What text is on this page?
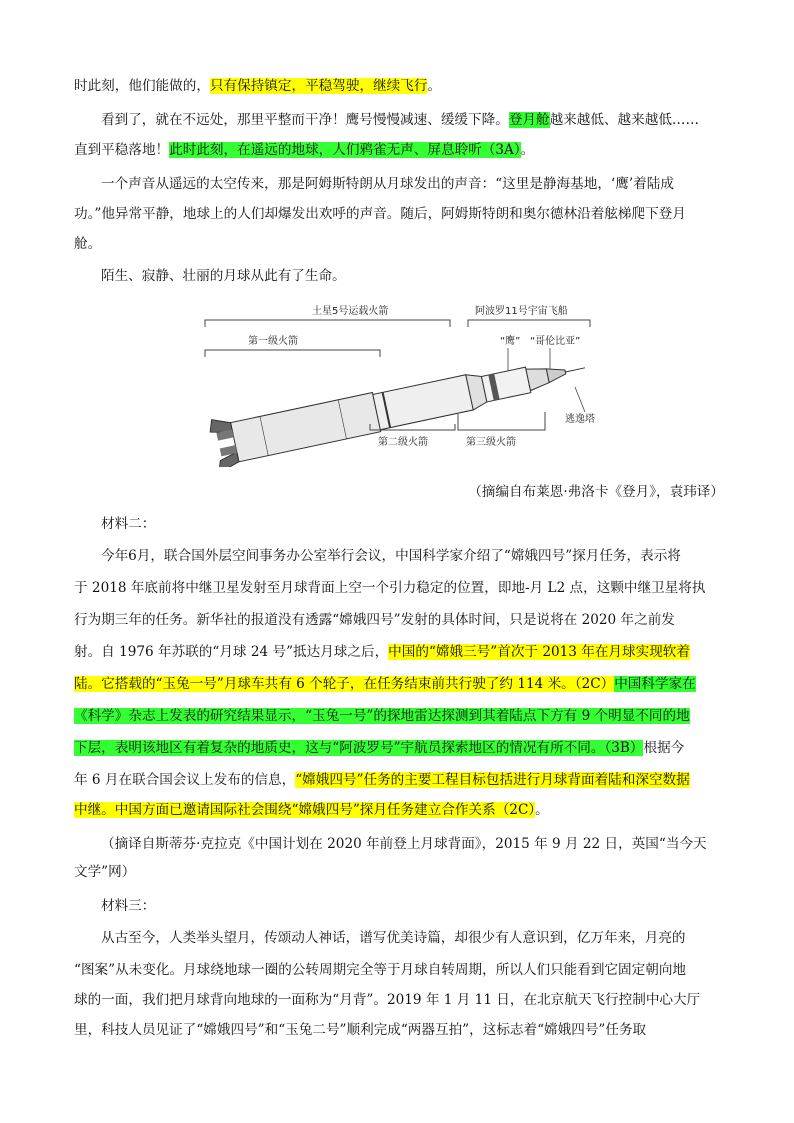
时此刻，他们能做的，只有保持镇定，平稳驾驶，继续飞行。
看到了，就在不远处，那里平整而干净！鹰号慢慢减速、缓缓下降。登月舱越来越低、越来越低……
直到平稳落地！此时此刻，在遥远的地球，人们鸦雀无声、屏息聆听（3A）。
一个声音从遥远的太空传来，那是阿姆斯特朗从月球发出的声音：“这里是静海基地，‘鹰’着陆成
功。”他异常平静，地球上的人们却爆发出欢呼的声音。随后，阿姆斯特朗和奥尔德林沿着舷梯爬下登月
舱。
陌生、寂静、壮丽的月球从此有了生命。
（摘编自布莱恩·弗洛卡《登月》，袁玮译）
材料二：
今年6月，联合国外层空间事务办公室举行会议，中国科学家介绍了“嫦娥四号”探月任务，表示将
于 2018 年底前将中继卫星发射至月球背面上空一个引力稳定的位置，即地-月 L2 点，这颗中继卫星将执
行为期三年的任务。新华社的报道没有透露“嫦娥四号”发射的具体时间，只是说将在 2020 年之前发
射。自 1976 年苏联的“月球 24 号”抵达月球之后，中国的“嫦娥三号”首次于 2013 年在月球实现软着
陆。它搭载的“玉兔一号”月球车共有 6 个轮子，在任务结束前共行驶了约 114 米。（2C）中国科学家在
《科学》杂志上发表的研究结果显示，“玉兔一号”的探地雷达探测到其着陆点下方有 9 个明显不同的地
下层，表明该地区有着复杂的地质史，这与“阿波罗号”宇航员探索地区的情况有所不同。（3B）根据今
年 6 月在联合国会议上发布的信息，“嫦娥四号”任务的主要工程目标包括进行月球背面着陆和深空数据
中继。中国方面已邀请国际社会围绕“嫦娥四号”探月任务建立合作关系（2C）。
（摘译自斯蒂芬·克拉克《中国计划在 2020 年前登上月球背面》，2015 年 9 月 22 日，英国“当今天
文学”网）
材料三：
从古至今，人类举头望月，传颂动人神话，谱写优美诗篇，却很少有人意识到，亿万年来，月亮的
“图案”从未变化。月球绕地球一圈的公转周期完全等于月球自转周期，所以人们只能看到它固定朝向地
球的一面，我们把月球背向地球的一面称为“月背”。2019 年 1 月 11 日，在北京航天飞行控制中心大厅
里，科技人员见证了“嫦娥四号”和“玉兔二号”顺利完成“两器互拍”，这标志着“嫦娥四号”任务取
土星5号运载火箭	阿波罗11号宇宙飞船
第一级火箭	“鹰” “哥伦比亚”
逃逸塔
第二级火箭	第三级火箭
